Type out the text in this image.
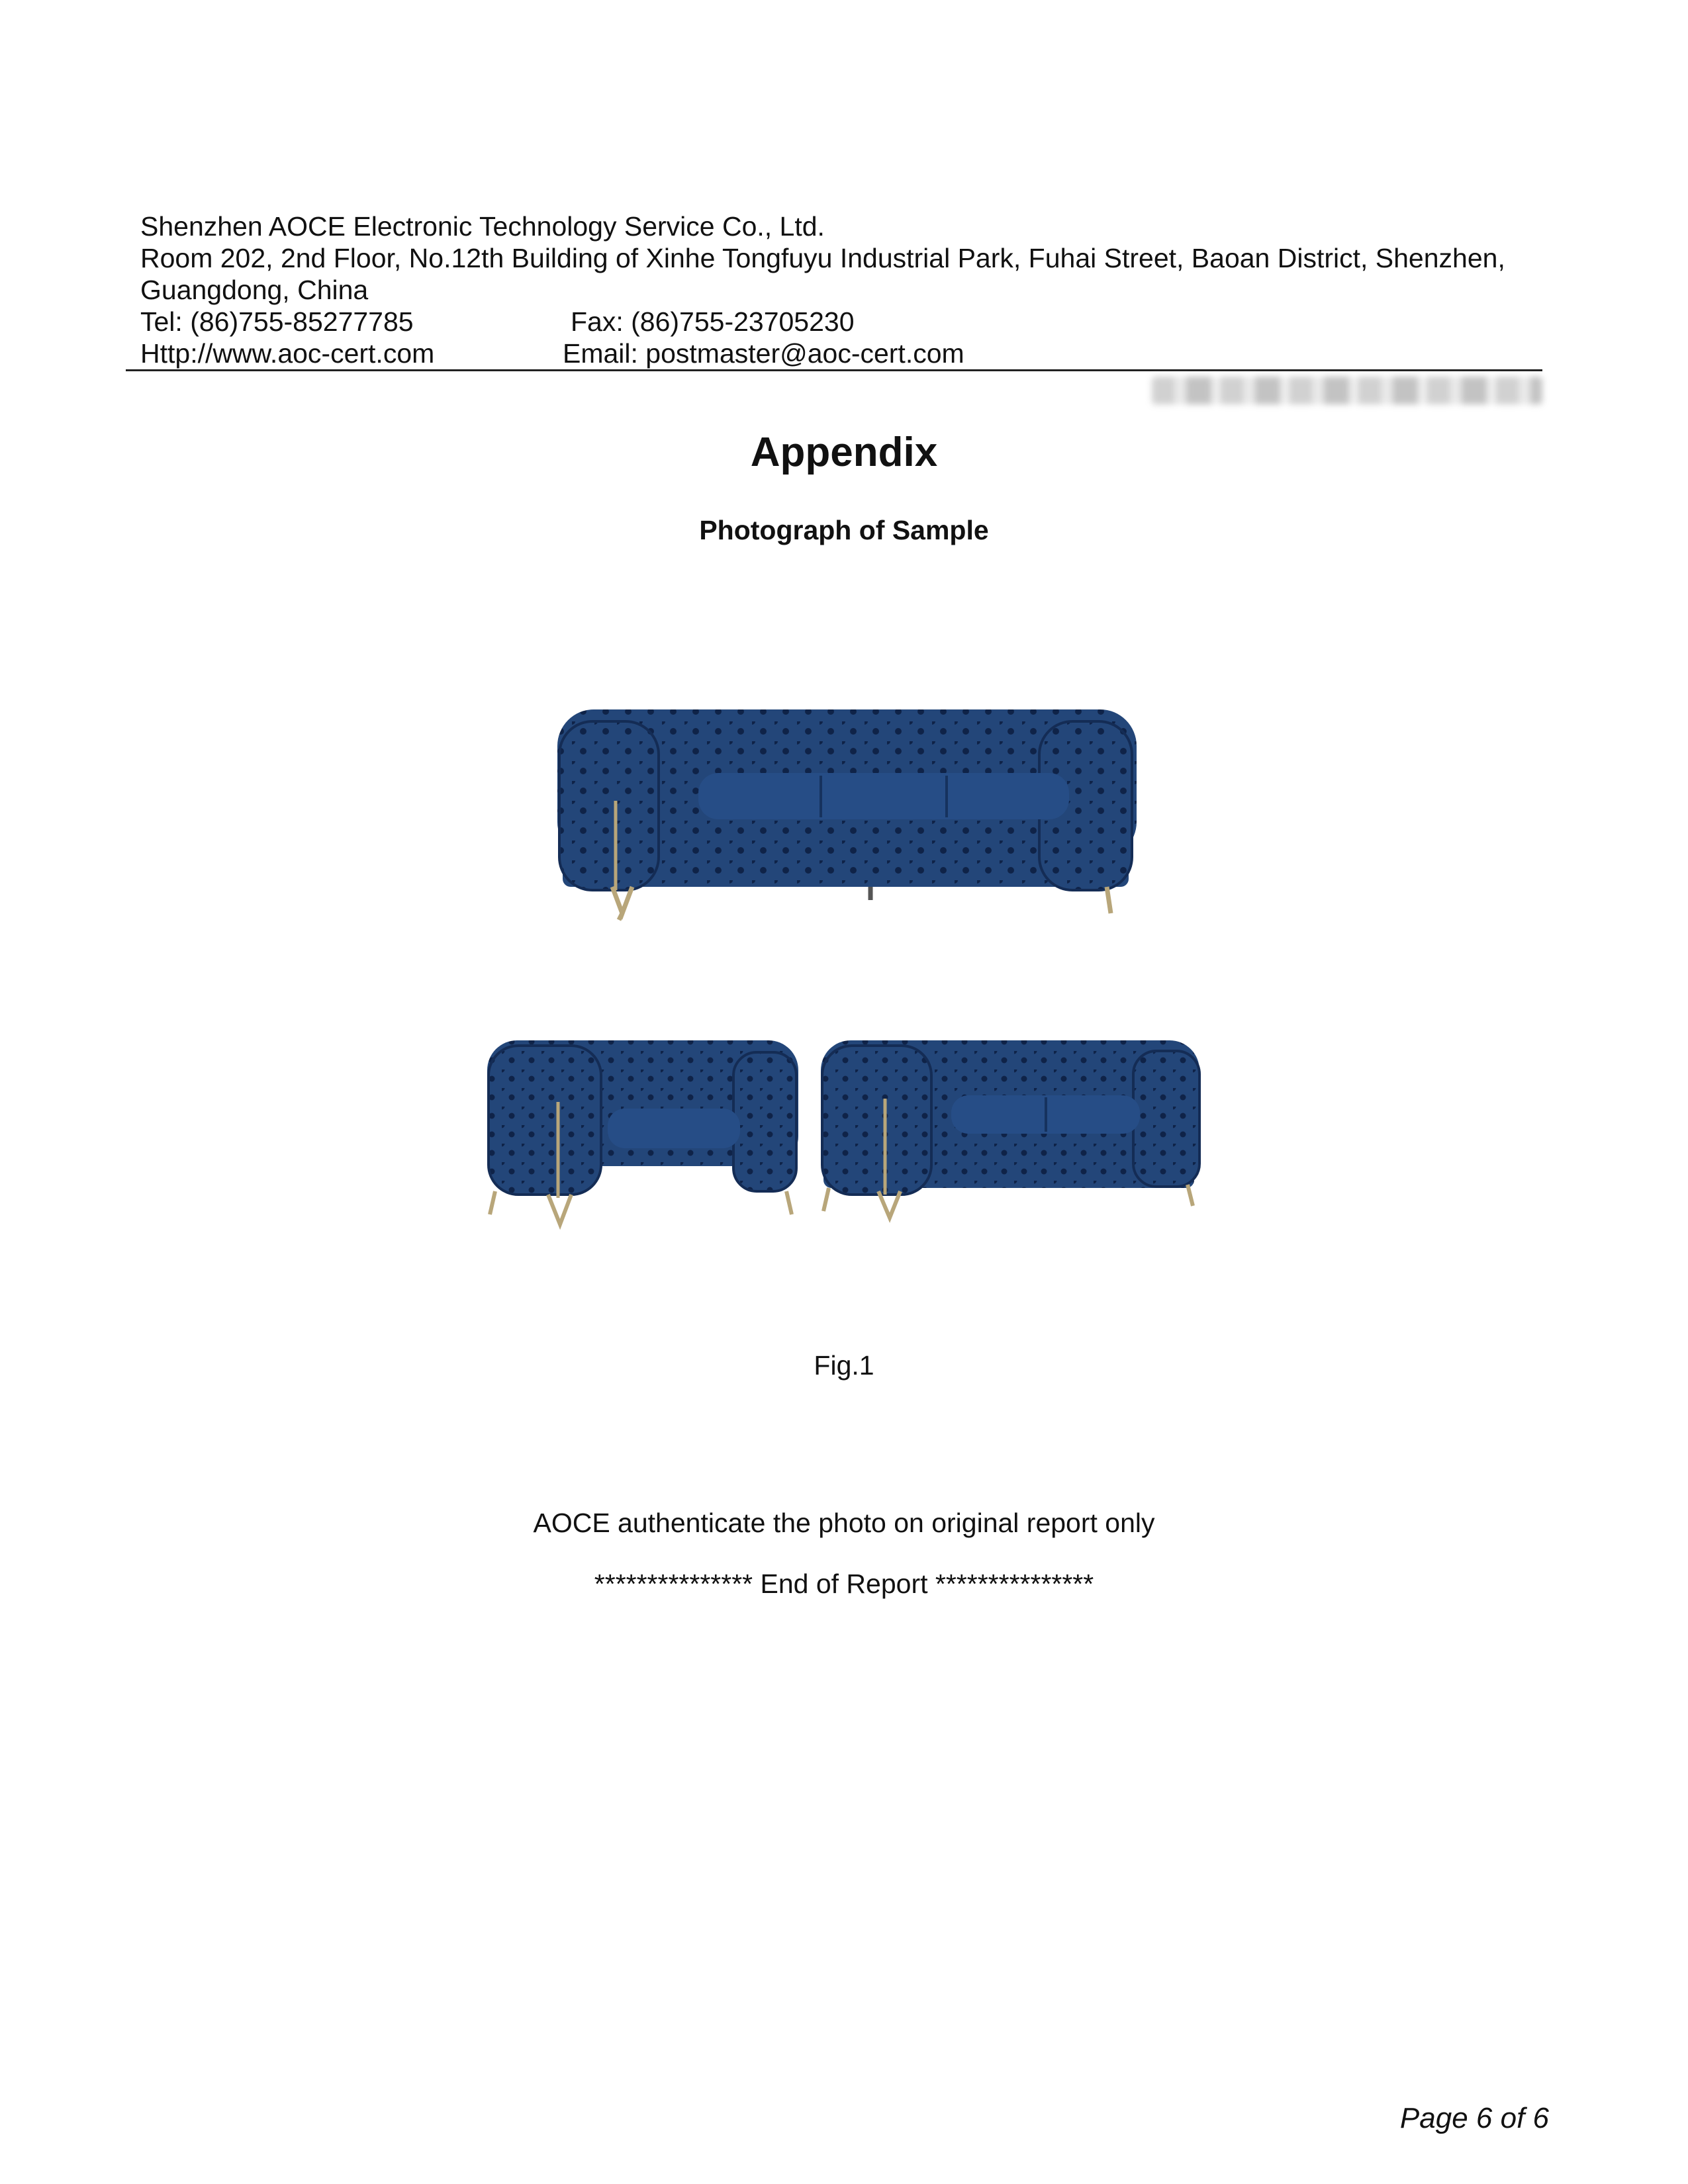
Shenzhen AOCE Electronic Technology Service Co., Ltd.
Room 202, 2nd Floor, No.12th Building of Xinhe Tongfuyu Industrial Park, Fuhai Street, Baoan District, Shenzhen,
Guangdong, China
Tel: (86)755-85277785	Fax: (86)755-23705230
Http://www.aoc-cert.com	Email: postmaster@aoc-cert.com
Appendix
Photograph of Sample
Fig.1
AOCE authenticate the photo on original report only
*************** End of Report ***************
Page 6 of 6
